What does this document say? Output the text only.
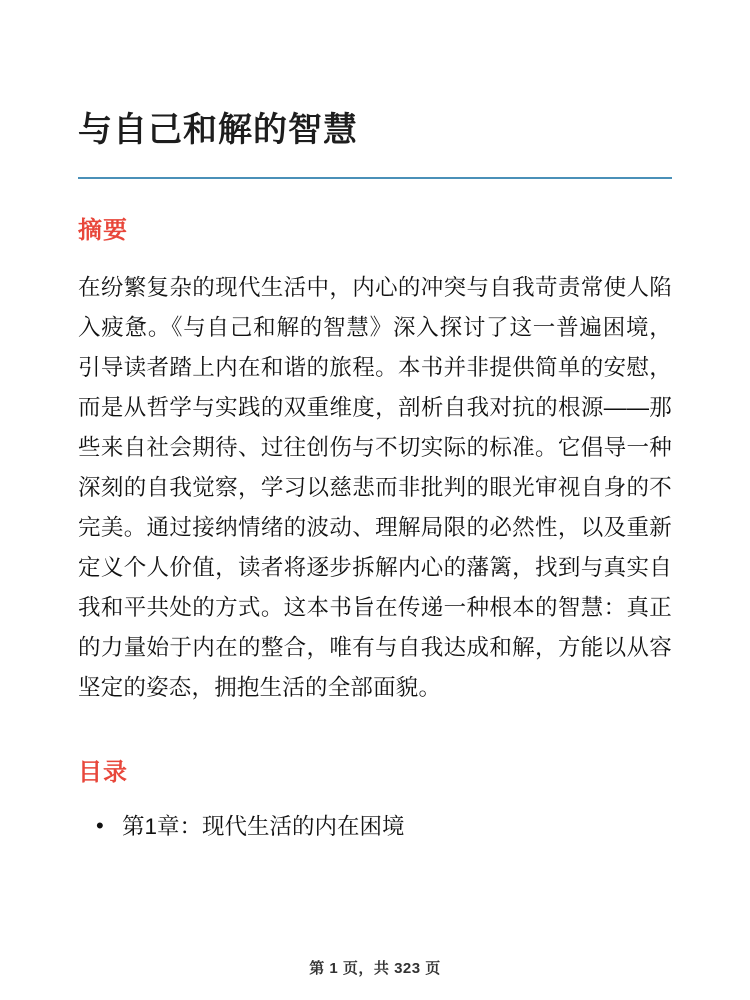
与自己和解的智慧
摘要

在纷繁复杂的现代生活中，内心的冲突与自我苛责常使人陷入疲惫。《与自己和解的智慧》深入探讨了这一普遍困境，引导读者踏上内在和谐的旅程。本书并非提供简单的安慰，而是从哲学与实践的双重维度，剖析自我对抗的根源——那些来自社会期待、过往创伤与不切实际的标准。它倡导一种深刻的自我觉察，学习以慈悲而非批判的眼光审视自身的不完美。通过接纳情绪的波动、理解局限的必然性，以及重新定义个人价值，读者将逐步拆解内心的藩篱，找到与真实自我和平共处的方式。这本书旨在传递一种根本的智慧：真正的力量始于内在的整合，唯有与自我达成和解，方能以从容坚定的姿态，拥抱生活的全部面貌。

目录
• 第1章：现代生活的内在困境
第 1 页，共 323 页
